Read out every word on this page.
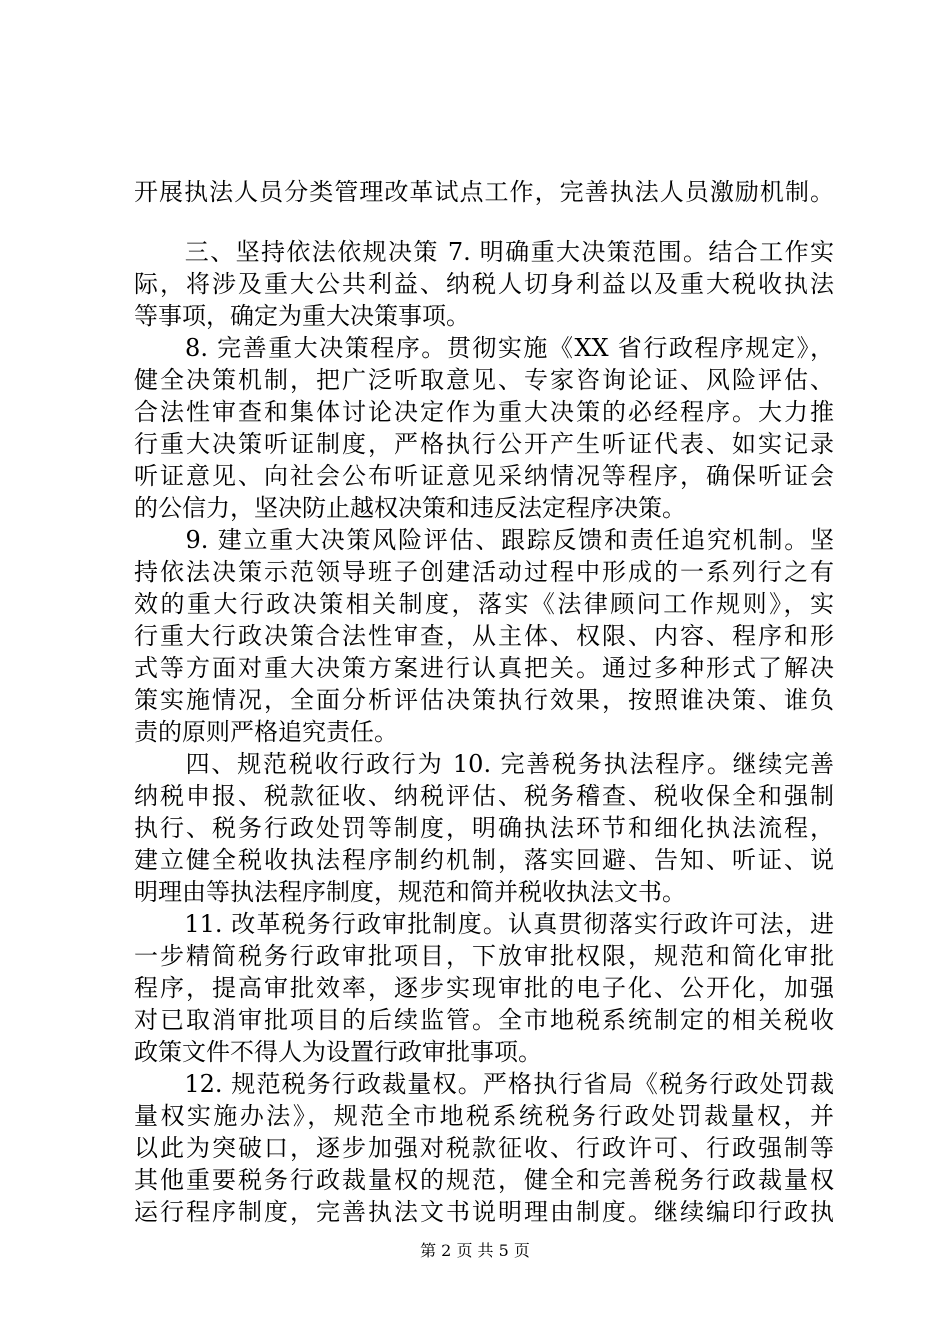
开展执法人员分类管理改革试点工作，完善执法人员激励机制。
　　三、坚持依法依规决策 7. 明确重大决策范围。结合工作实
际，将涉及重大公共利益、纳税人切身利益以及重大税收执法
等事项，确定为重大决策事项。
　　8. 完善重大决策程序。贯彻实施《XX 省行政程序规定》，
健全决策机制，把广泛听取意见、专家咨询论证、风险评估、
合法性审查和集体讨论决定作为重大决策的必经程序。大力推
行重大决策听证制度，严格执行公开产生听证代表、如实记录
听证意见、向社会公布听证意见采纳情况等程序，确保听证会
的公信力，坚决防止越权决策和违反法定程序决策。
　　9. 建立重大决策风险评估、跟踪反馈和责任追究机制。坚
持依法决策示范领导班子创建活动过程中形成的一系列行之有
效的重大行政决策相关制度，落实《法律顾问工作规则》，实
行重大行政决策合法性审查，从主体、权限、内容、程序和形
式等方面对重大决策方案进行认真把关。通过多种形式了解决
策实施情况，全面分析评估决策执行效果，按照谁决策、谁负
责的原则严格追究责任。
　　四、规范税收行政行为 10. 完善税务执法程序。继续完善
纳税申报、税款征收、纳税评估、税务稽查、税收保全和强制
执行、税务行政处罚等制度，明确执法环节和细化执法流程，
建立健全税收执法程序制约机制，落实回避、告知、听证、说
明理由等执法程序制度，规范和简并税收执法文书。
　　11. 改革税务行政审批制度。认真贯彻落实行政许可法，进
一步精简税务行政审批项目，下放审批权限，规范和简化审批
程序，提高审批效率，逐步实现审批的电子化、公开化，加强
对已取消审批项目的后续监管。全市地税系统制定的相关税收
政策文件不得人为设置行政审批事项。
　　12. 规范税务行政裁量权。严格执行省局《税务行政处罚裁
量权实施办法》，规范全市地税系统税务行政处罚裁量权，并
以此为突破口，逐步加强对税款征收、行政许可、行政强制等
其他重要税务行政裁量权的规范，健全和完善税务行政裁量权
运行程序制度，完善执法文书说明理由制度。继续编印行政执
第 2 页 共 5 页
